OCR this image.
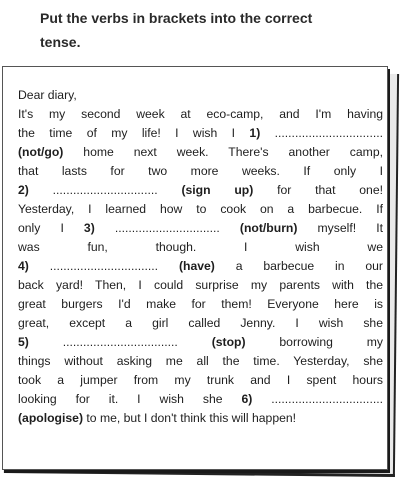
Put the verbs in brackets into the correct
tense.
Dear diary,
It's my second week at eco-camp, and I'm having
the time of my life! I wish I 1) ................................
(not/go) home next week. There's another camp,
that lasts for two more weeks. If only I
2) ............................... (sign up) for that one!
Yesterday, I learned how to cook on a barbecue. If
only I 3) ............................... (not/burn) myself! It
was fun, though. I wish we
4) ................................ (have) a barbecue in our
back yard! Then, I could surprise my parents with the
great burgers I'd make for them! Everyone here is
great, except a girl called Jenny. I wish she
5) .................................. (stop) borrowing my
things without asking me all the time. Yesterday, she
took a jumper from my trunk and I spent hours
looking for it. I wish she 6) .................................
(apologise) to me, but I don't think this will happen!
